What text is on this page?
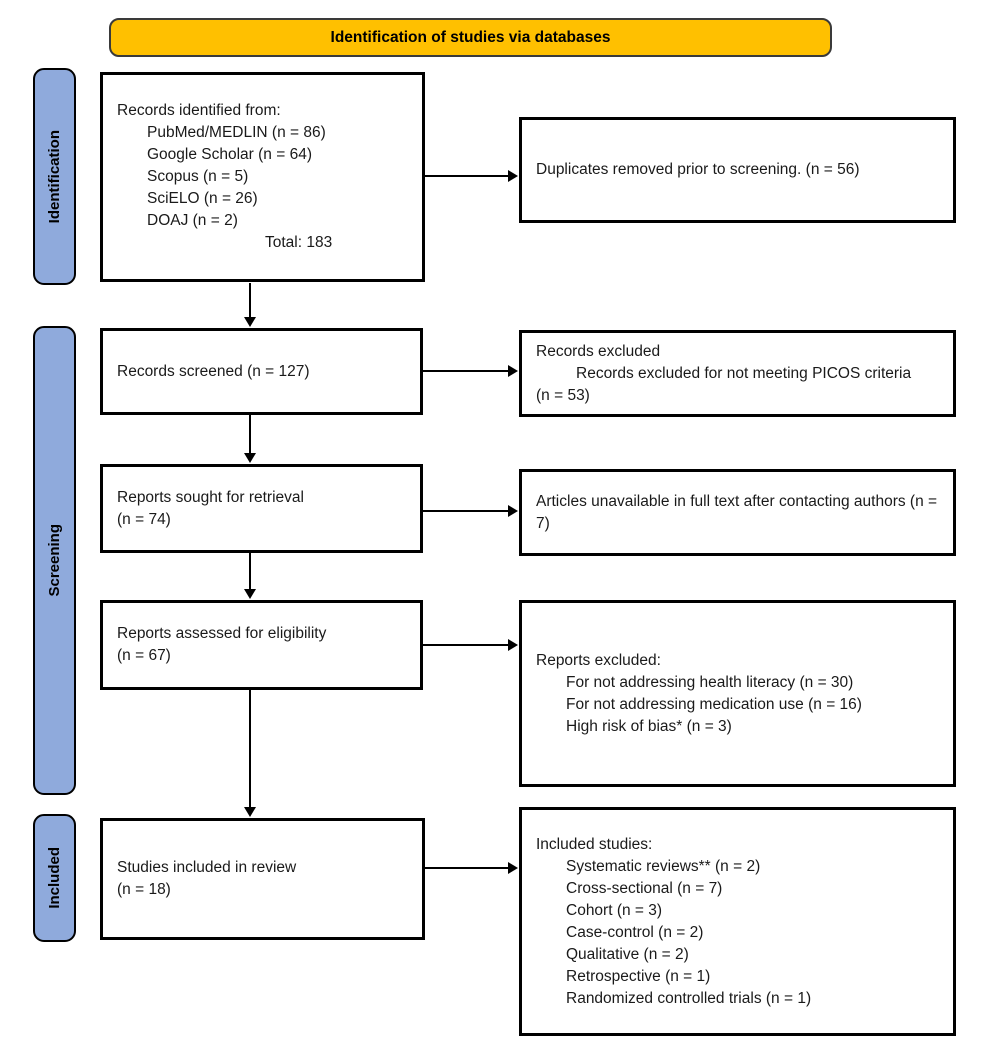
Identification of studies via databases
Identification
Screening
Included
Records identified from:
PubMed/MEDLIN (n = 86)
Google Scholar (n = 64)
Scopus (n = 5)
SciELO (n = 26)
DOAJ (n = 2)
Total: 183
Records screened (n = 127)
Reports sought for retrieval
(n = 74)
Reports assessed for eligibility
(n = 67)
Studies included in review
(n = 18)
Duplicates removed prior to screening. (n = 56)
Records excluded
Records excluded for not meeting PICOS criteria (n = 53)
Articles unavailable in full text after contacting authors (n = 7)
Reports excluded:
For not addressing health literacy (n = 30)
For not addressing medication use (n = 16)
High risk of bias* (n = 3)
Included studies:
Systematic reviews** (n = 2)
Cross-sectional (n = 7)
Cohort (n = 3)
Case-control (n = 2)
Qualitative (n = 2)
Retrospective (n = 1)
Randomized controlled trials (n = 1)
